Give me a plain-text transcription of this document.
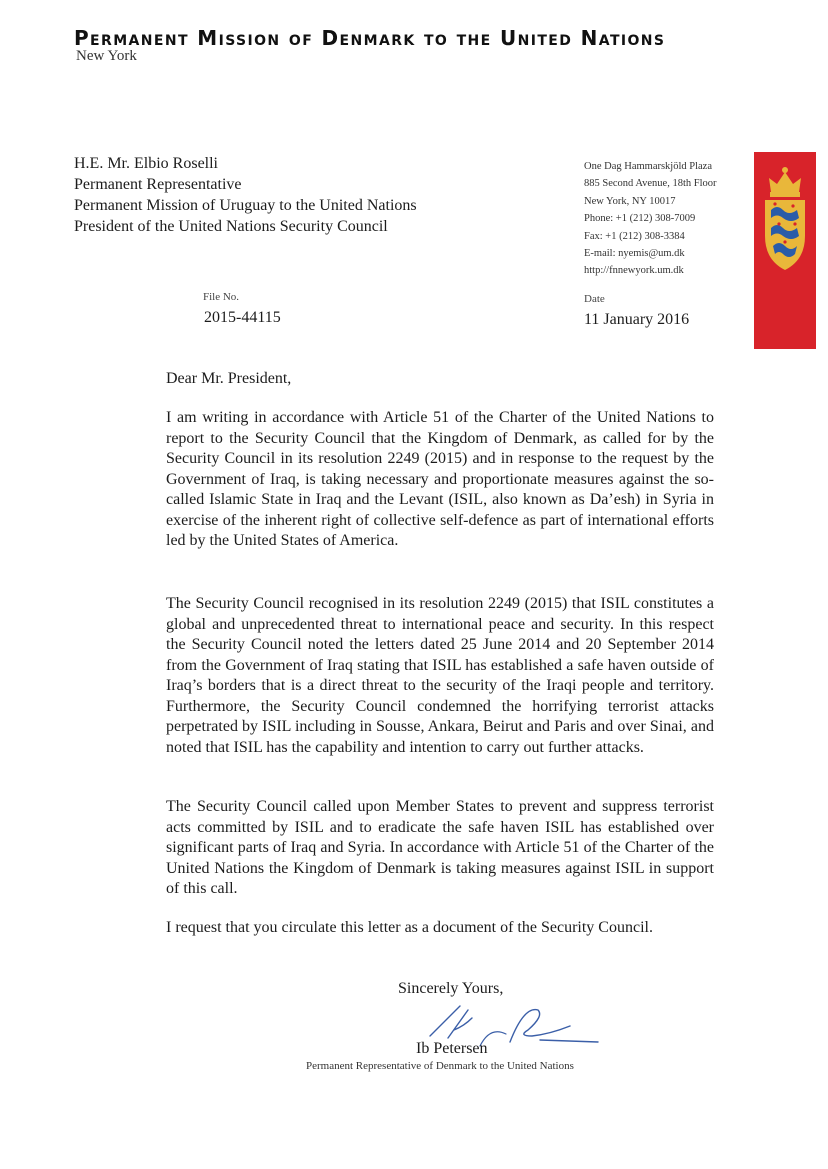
Permanent Mission of Denmark to the United Nations
New York
H.E. Mr. Elbio Roselli
Permanent Representative
Permanent Mission of Uruguay to the United Nations
President of the United Nations Security Council
One Dag Hammarskjöld Plaza
885 Second Avenue, 18th Floor
New York, NY 10017
Phone: +1 (212) 308-7009
Fax: +1 (212) 308-3384
E-mail: nyemis@um.dk
http://fnnewyork.um.dk
File No.
2015-44115
Date
11 January 2016
Dear Mr. President,

I am writing in accordance with Article 51 of the Charter of the United Nations to report to the Security Council that the Kingdom of Denmark, as called for by the Security Council in its resolution 2249 (2015) and in response to the request by the Government of Iraq, is taking necessary and proportionate measures against the so-called Islamic State in Iraq and the Levant (ISIL, also known as Da’esh) in Syria in exercise of the inherent right of collective self-defence as part of international efforts led by the United States of America.

The Security Council recognised in its resolution 2249 (2015) that ISIL constitutes a global and unprecedented threat to international peace and security. In this respect the Security Council noted the letters dated 25 June 2014 and 20 September 2014 from the Government of Iraq stating that ISIL has established a safe haven outside of Iraq’s borders that is a direct threat to the security of the Iraqi people and territory. Furthermore, the Security Council condemned the horrifying terrorist attacks perpetrated by ISIL including in Sousse, Ankara, Beirut and Paris and over Sinai, and noted that ISIL has the capability and intention to carry out further attacks.

The Security Council called upon Member States to prevent and suppress terrorist acts committed by ISIL and to eradicate the safe haven ISIL has established over significant parts of Iraq and Syria. In accordance with Article 51 of the Charter of the United Nations the Kingdom of Denmark is taking measures against ISIL in support of this call.

I request that you circulate this letter as a document of the Security Council.

Sincerely Yours,
Ib Petersen
Permanent Representative of Denmark to the United Nations
